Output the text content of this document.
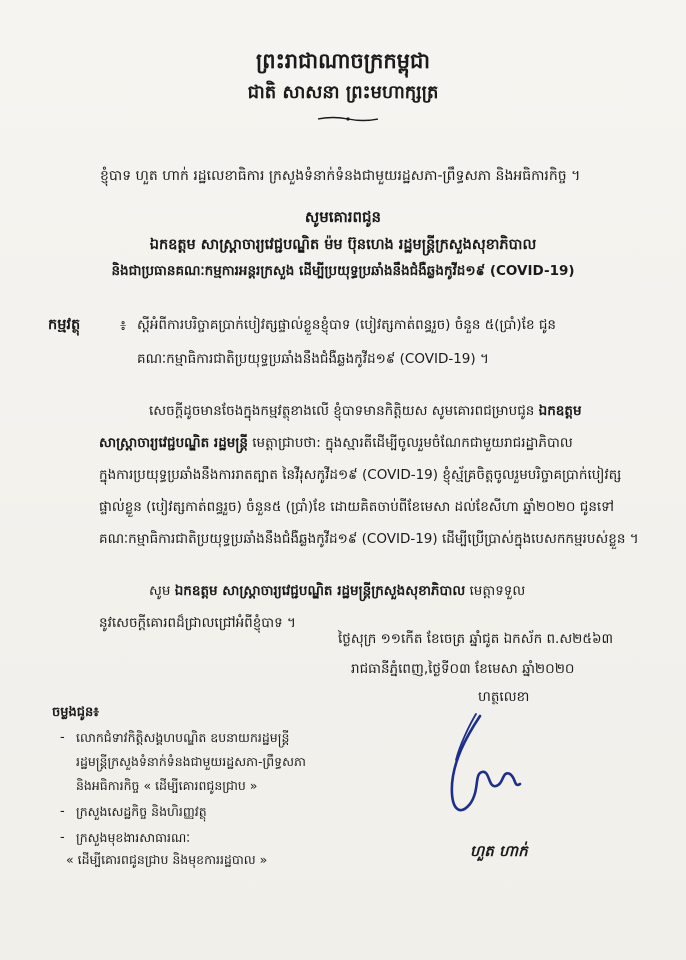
ព្រះរាជាណាចក្រកម្ពុជា
ជាតិ សាសនា ព្រះមហាក្សត្រ
ខ្ញុំបាទ ហួត ហាក់ រដ្ឋលេខាធិការ ក្រសួងទំនាក់ទំនងជាមួយរដ្ឋសភា-ព្រឹទ្ធសភា និងអធិការកិច្ច ។
សូមគោរពជូន
ឯកឧត្តម សាស្ត្រាចារ្យវេជ្ជបណ្ឌិត ម៉ម ប៊ុនហេង រដ្ឋមន្ត្រីក្រសួងសុខាភិបាល
និងជាប្រធានគណៈកម្មការអន្តរក្រសួង ដើម្បីប្រយុទ្ធប្រឆាំងនឹងជំងឺឆ្លងកូវីដ១៩ (COVID-19)
កម្មវត្ថុ	៖ ស្តីអំពីការបរិច្ចាគប្រាក់បៀវត្សផ្ទាល់ខ្លួនខ្ញុំបាទ (បៀវត្សកាត់ពន្ធរួច) ចំនួន ៥(ប្រាំ)ខែ ជូន
គណៈកម្មាធិការជាតិប្រយុទ្ធប្រឆាំងនឹងជំងឺឆ្លងកូវីដ១៩ (COVID-19) ។
សេចក្តីដូចមានចែងក្នុងកម្មវត្ថុខាងលើ ខ្ញុំបាទមានកិត្តិយស សូមគោរពជម្រាបជូន ឯកឧត្តម
សាស្ត្រាចារ្យវេជ្ជបណ្ឌិត រដ្ឋមន្ត្រី មេត្តាជ្រាបថា: ក្នុងស្មារតីដើម្បីចូលរួមចំណែកជាមួយរាជរដ្ឋាភិបាល
ក្នុងការប្រយុទ្ធប្រឆាំងនឹងការរាតត្បាត នៃវីរុសកូវីដ១៩ (COVID-19) ខ្ញុំស្ម័គ្រចិត្តចូលរួមបរិច្ចាគប្រាក់បៀវត្ស
ផ្ទាល់ខ្លួន (បៀវត្សកាត់ពន្ធរួច) ចំនួន៥ (ប្រាំ)ខែ ដោយគិតចាប់ពីខែមេសា ដល់ខែសីហា ឆ្នាំ២០២០ ជូនទៅ
គណៈកម្មាធិការជាតិប្រយុទ្ធប្រឆាំងនឹងជំងឺឆ្លងកូវីដ១៩ (COVID-19) ដើម្បីប្រើប្រាស់ក្នុងបេសកកម្មរបស់ខ្លួន ។
សូម ឯកឧត្តម សាស្ត្រាចារ្យវេជ្ជបណ្ឌិត រដ្ឋមន្ត្រីក្រសួងសុខាភិបាល មេត្តាទទួល
នូវសេចក្តីគោរពដ៏ជ្រាលជ្រៅអំពីខ្ញុំបាទ ។
ថ្ងៃសុក្រ ១១កើត ខែចេត្រ ឆ្នាំជូត ឯកស័ក ព.ស២៥៦៣
រាជធានីភ្នំពេញ,ថ្ងៃទី០៣ ខែមេសា ឆ្នាំ២០២០
ហត្ថលេខា
ចម្លងជូន៖
- លោកជំទាវកិត្តិសង្គហបណ្ឌិត ឧបនាយករដ្ឋមន្ត្រី
រដ្ឋមន្ត្រីក្រសួងទំនាក់ទំនងជាមួយរដ្ឋសភា-ព្រឹទ្ធសភា
និងអធិការកិច្ច « ដើម្បីគោរពជូនជ្រាប »
- ក្រសួងសេដ្ឋកិច្ច និងហិរញ្ញវត្ថុ
- ក្រសួងមុខងារសាធារណៈ
« ដើម្បីគោរពជូនជ្រាប និងមុខការរដ្ឋបាល »	ហួត ហាក់
